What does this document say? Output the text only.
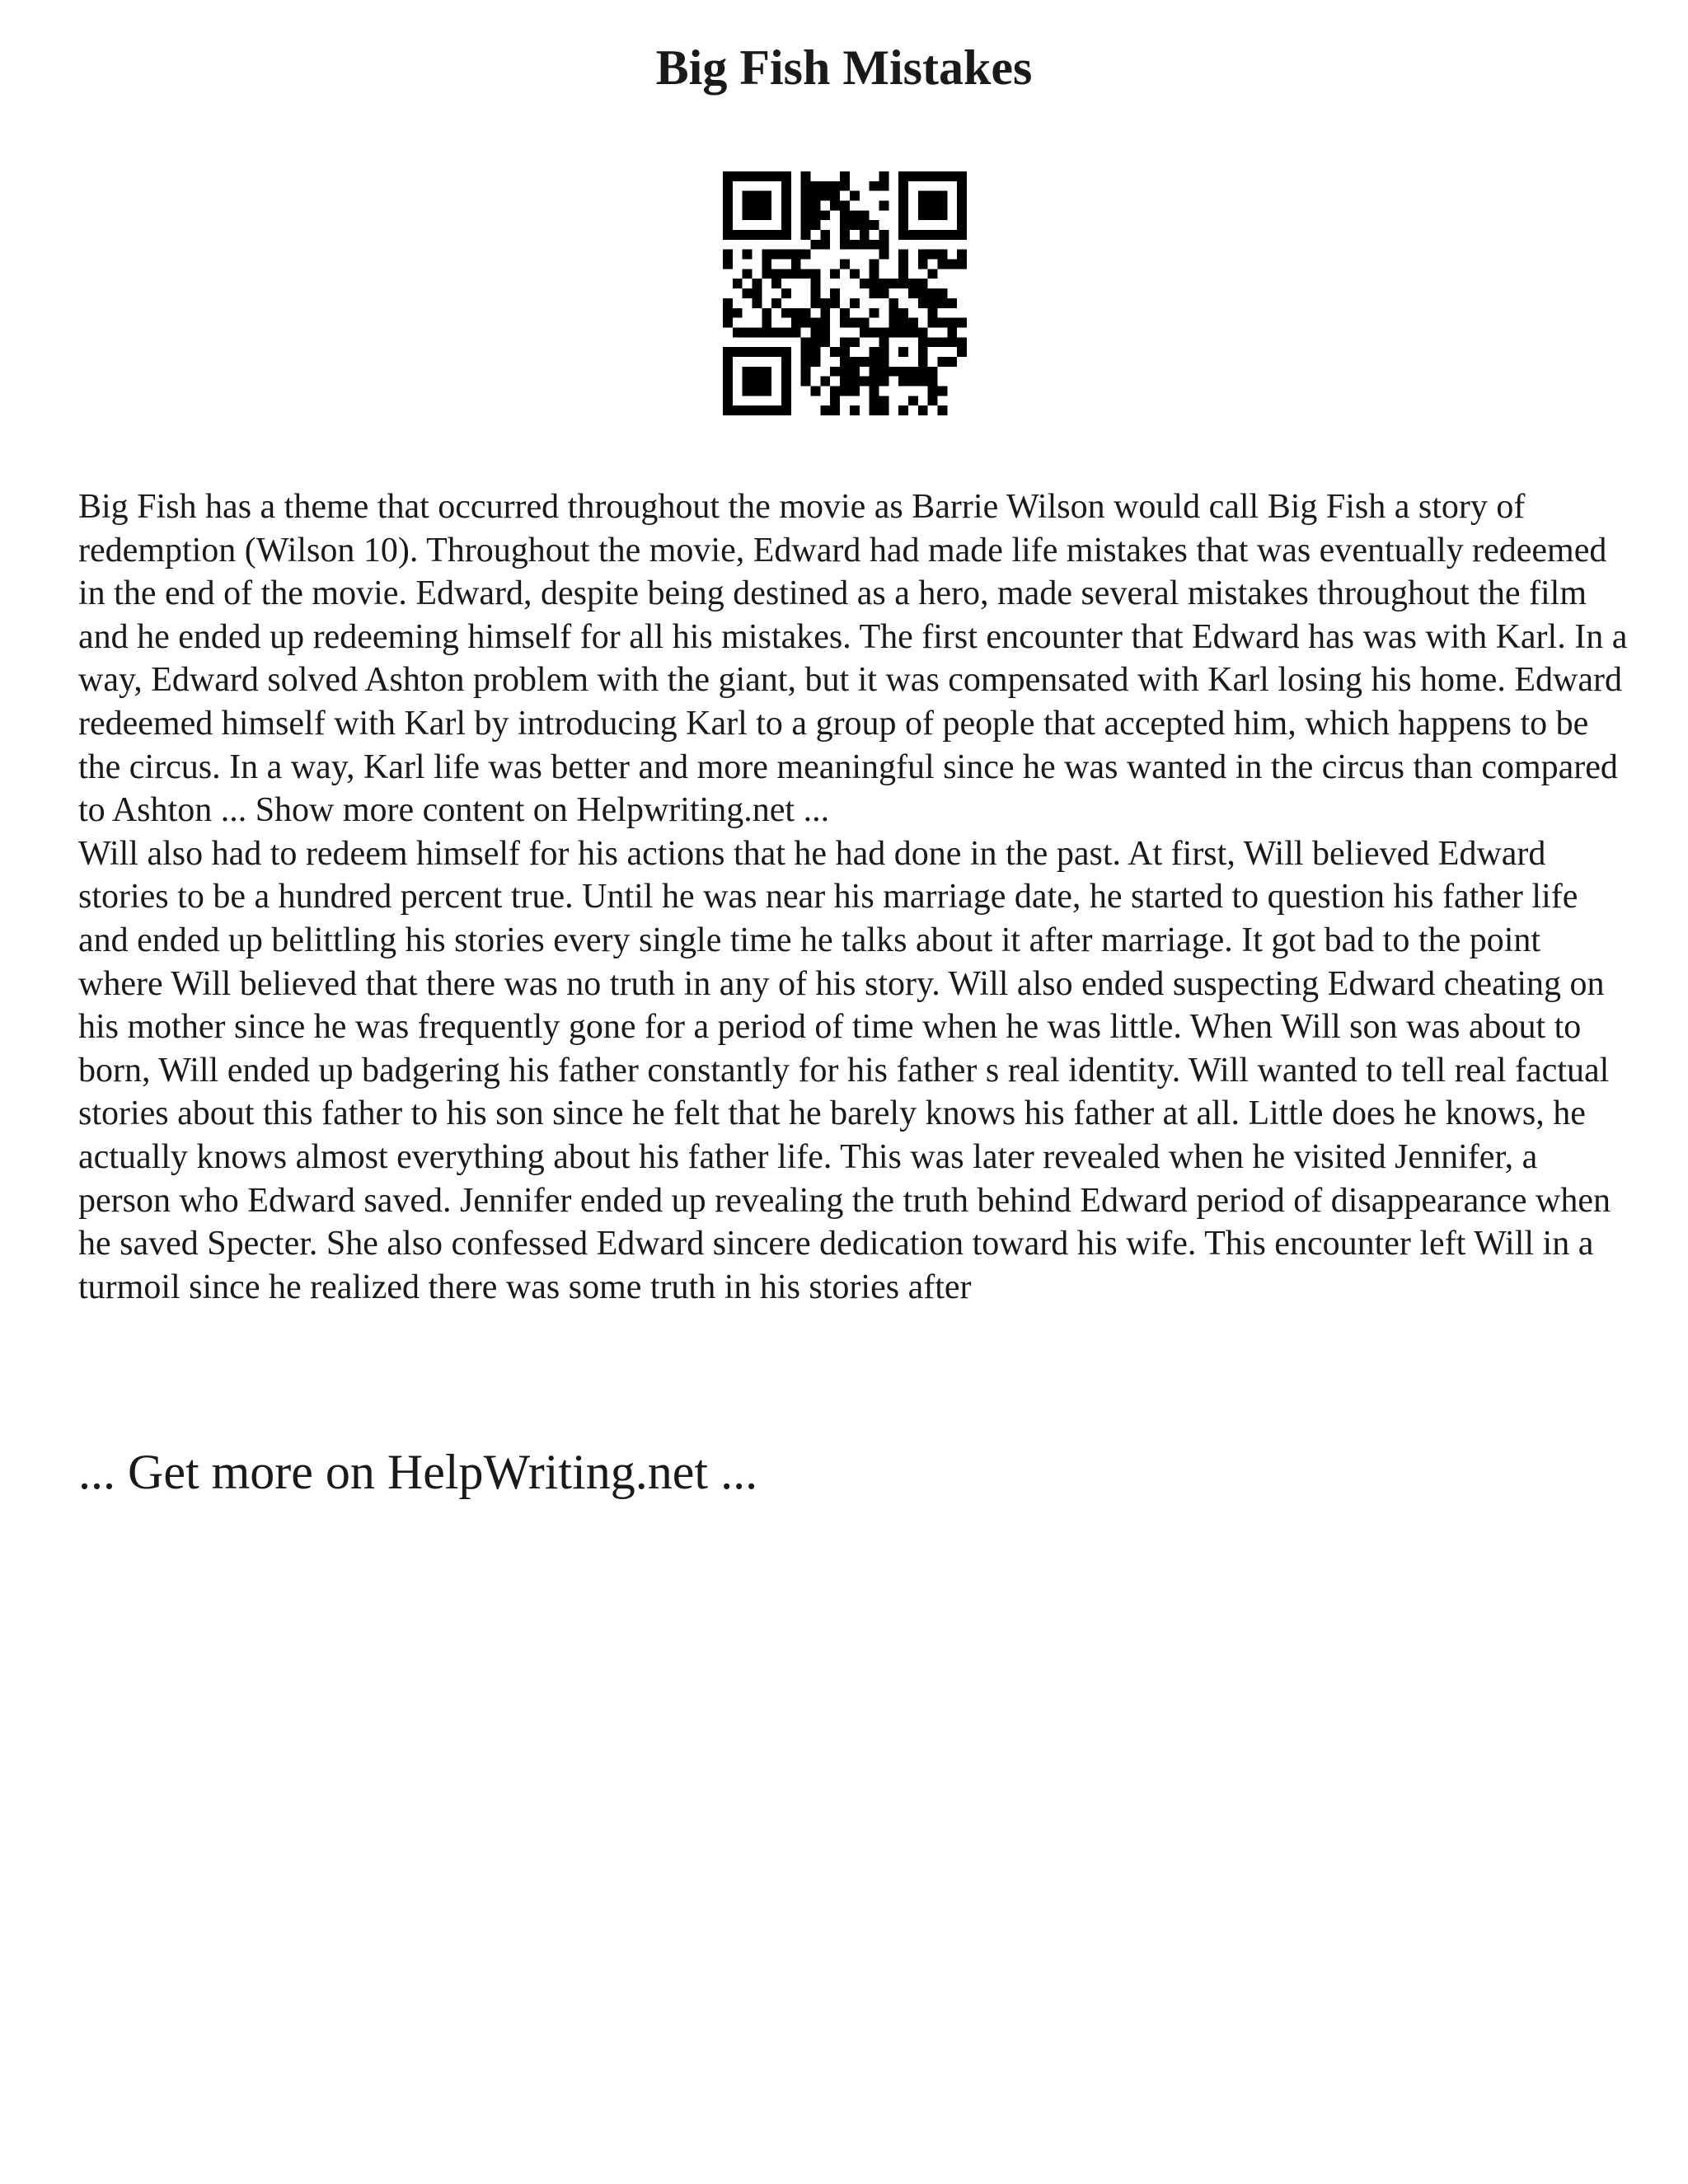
Big Fish Mistakes

Big Fish has a theme that occurred throughout the movie as Barrie Wilson would call Big Fish a story of redemption (Wilson 10). Throughout the movie, Edward had made life mistakes that was eventually redeemed in the end of the movie. Edward, despite being destined as a hero, made several mistakes throughout the film and he ended up redeeming himself for all his mistakes. The first encounter that Edward has was with Karl. In a way, Edward solved Ashton problem with the giant, but it was compensated with Karl losing his home. Edward redeemed himself with Karl by introducing Karl to a group of people that accepted him, which happens to be the circus. In a way, Karl life was better and more meaningful since he was wanted in the circus than compared to Ashton ... Show more content on Helpwriting.net ...

Will also had to redeem himself for his actions that he had done in the past. At first, Will believed Edward stories to be a hundred percent true. Until he was near his marriage date, he started to question his father life and ended up belittling his stories every single time he talks about it after marriage. It got bad to the point where Will believed that there was no truth in any of his story. Will also ended suspecting Edward cheating on his mother since he was frequently gone for a period of time when he was little. When Will son was about to born, Will ended up badgering his father constantly for his father s real identity. Will wanted to tell real factual stories about this father to his son since he felt that he barely knows his father at all. Little does he knows, he actually knows almost everything about his father life. This was later revealed when he visited Jennifer, a person who Edward saved. Jennifer ended up revealing the truth behind Edward period of disappearance when he saved Specter. She also confessed Edward sincere dedication toward his wife. This encounter left Will in a turmoil since he realized there was some truth in his stories after

... Get more on HelpWriting.net ...
